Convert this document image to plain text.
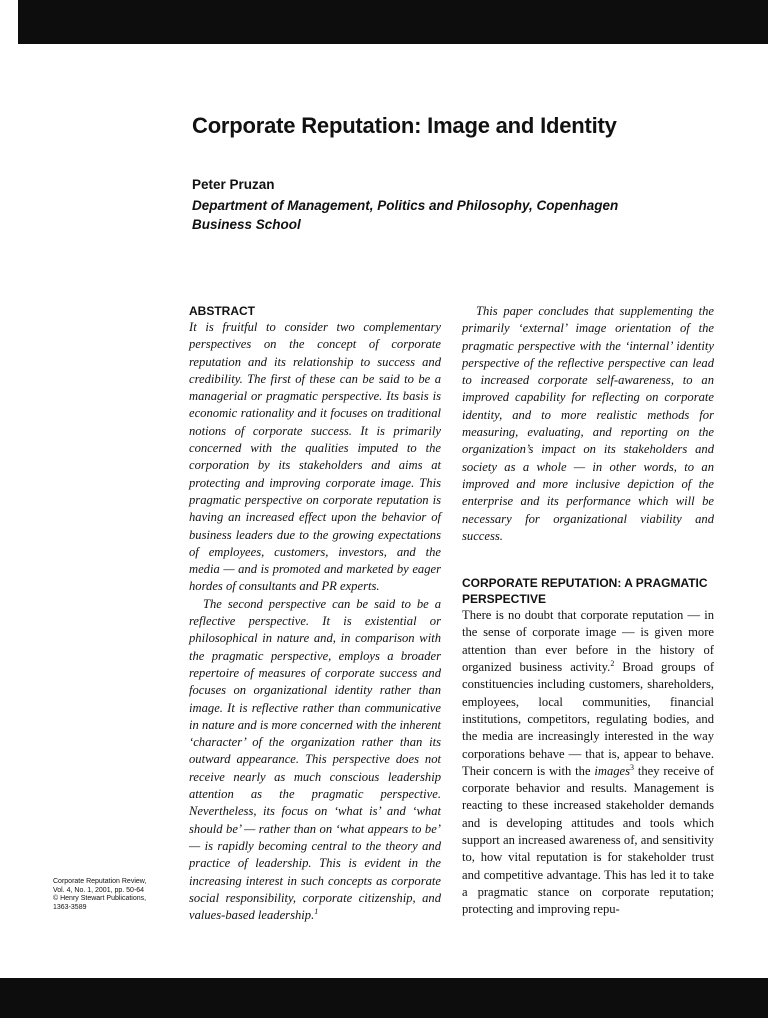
Corporate Reputation: Image and Identity

Peter Pruzan

Department of Management, Politics and Philosophy, Copenhagen Business School

ABSTRACT

It is fruitful to consider two complementary perspectives on the concept of corporate reputation and its relationship to success and credibility. The first of these can be said to be a managerial or pragmatic perspective. Its basis is economic rationality and it focuses on traditional notions of corporate success. It is primarily concerned with the qualities imputed to the corporation by its stakeholders and aims at protecting and improving corporate image. This pragmatic perspective on corporate reputation is having an increased effect upon the behavior of business leaders due to the growing expectations of employees, customers, investors, and the media — and is promoted and marketed by eager hordes of consultants and PR experts.

The second perspective can be said to be a reflective perspective. It is existential or philosophical in nature and, in comparison with the pragmatic perspective, employs a broader repertoire of measures of corporate success and focuses on organizational identity rather than image. It is reflective rather than communicative in nature and is more concerned with the inherent ‘character’ of the organization rather than its outward appearance. This perspective does not receive nearly as much conscious leadership attention as the pragmatic perspective. Nevertheless, its focus on ‘what is’ and ‘what should be’ — rather than on ‘what appears to be’ — is rapidly becoming central to the theory and practice of leadership. This is evident in the increasing interest in such concepts as corporate social responsibility, corporate citizenship, and values-based leadership.$^1$

This paper concludes that supplementing the primarily ‘external’ image orientation of the pragmatic perspective with the ‘internal’ identity perspective of the reflective perspective can lead to increased corporate self-awareness, to an improved capability for reflecting on corporate identity, and to more realistic methods for measuring, evaluating, and reporting on the organization’s impact on its stakeholders and society as a whole — in other words, to an improved and more inclusive depiction of the enterprise and its performance which will be necessary for organizational viability and success.

CORPORATE REPUTATION: A PRAGMATIC PERSPECTIVE

There is no doubt that corporate reputation — in the sense of corporate image — is given more attention than ever before in the history of organized business activity.$^2$ Broad groups of constituencies including customers, shareholders, employees, local communities, financial institutions, competitors, regulating bodies, and the media are increasingly interested in the way corporations behave — that is, appear to behave. Their concern is with the images$^3$ they receive of corporate behavior and results. Management is reacting to these increased stakeholder demands and is developing attitudes and tools which support an increased awareness of, and sensitivity to, how vital reputation is for stakeholder trust and competitive advantage. This has led it to take a pragmatic stance on corporate reputation; protecting and improving repu-

Corporate Reputation Review,
Vol. 4, No. 1, 2001, pp. 50-64
© Henry Stewart Publications,
1363-3589
